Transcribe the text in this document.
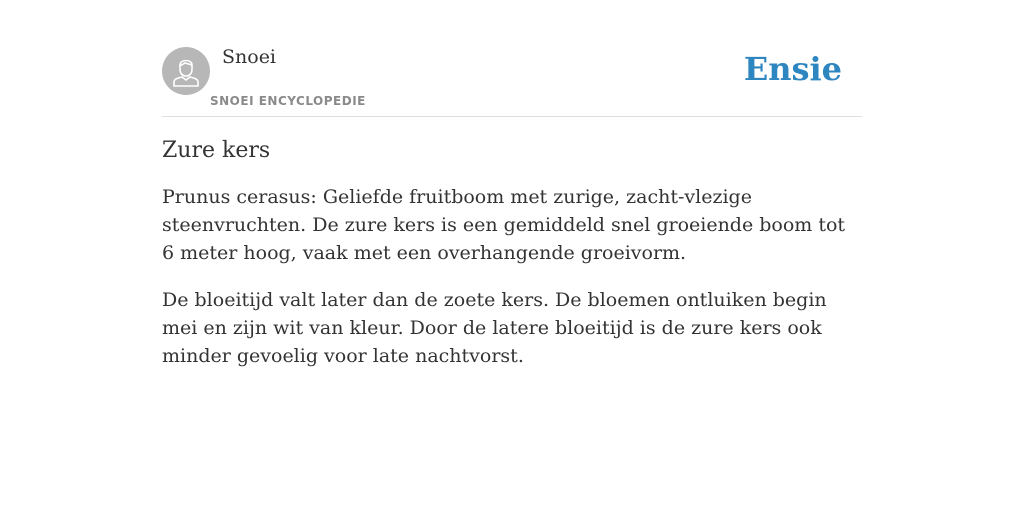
Snoei
SNOEI ENCYCLOPEDIE
Ensie
Zure kers

Prunus cerasus: Geliefde fruitboom met zurige, zacht-vlezige steenvruchten. De zure kers is een gemiddeld snel groeiende boom tot 6 meter hoog, vaak met een overhangende groeivorm.

De bloeitijd valt later dan de zoete kers. De bloemen ontluiken begin mei en zijn wit van kleur. Door de latere bloeitijd is de zure kers ook minder gevoelig voor late nachtvorst.
